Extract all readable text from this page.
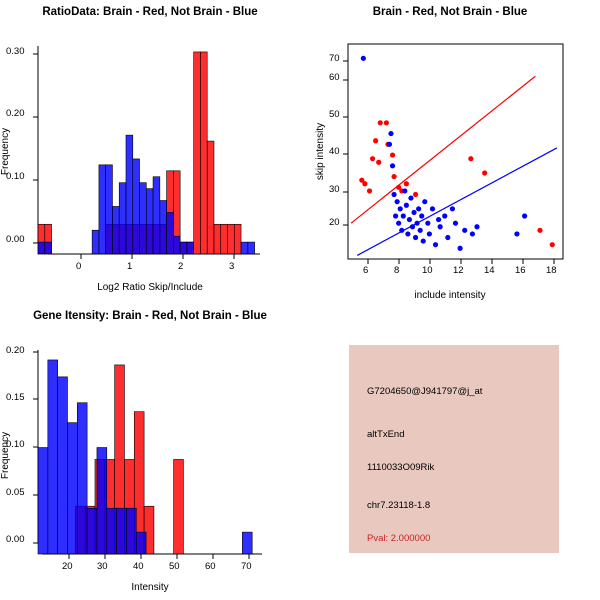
RatioData: Brain - Red, Not Brain - Blue
Frequency
Log2 Ratio Skip/Include
0.00
0.10
0.20
0.30
0	1	2	3
Brain - Red, Not Brain - Blue
skip intensity
include intensity
20
30
40
50
60
70
6	8 10 12 14 16 18
Gene Itensity: Brain - Red, Not Brain - Blue
Frequency
Intensity
0.00
0.05
0.10
0.15
0.20
20	30	40	50	60	70
G7204650@J941797@j_at
altTxEnd
1110033O09Rik
chr7.23118-1.8
Pval: 2.000000
